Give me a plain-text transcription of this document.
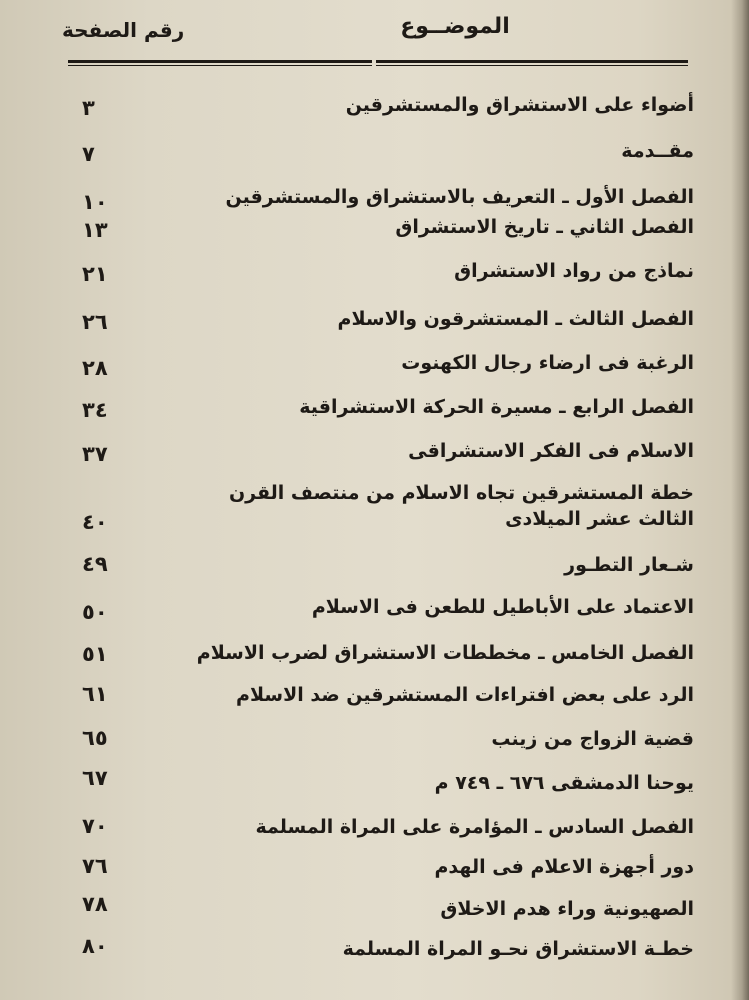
الموضــوع
رقم الصفحة
أضواء على الاستشراق والمستشرقين
٣
مقــدمة
٧
الفصل الأول ـ التعريف بالاستشراق والمستشرقين
١٠
الفصل الثاني ـ تاريخ الاستشراق
١٣
نماذج من رواد الاستشراق
٢١
الفصل الثالث ـ المستشرقون والاسلام
٢٦
الرغبة فى ارضاء رجال الكهنوت
٢٨
الفصل الرابع ـ مسيرة الحركة الاستشراقية
٣٤
الاسلام فى الفكر الاستشراقى
٣٧
خطة المستشرقين تجاه الاسلام من منتصف القرن الثالث عشر الميلادى
٤٠
شـعار التطـور
٤٩
الاعتماد على الأباطيل للطعن فى الاسلام
٥٠
الفصل الخامس ـ مخططات الاستشراق لضرب الاسلام
٥١
الرد على بعض افتراءات المستشرقين ضد الاسلام
٦١
قضية الزواج من زينب
٦٥
يوحنا الدمشقى ٦٧٦ ـ ٧٤٩ م
٦٧
الفصل السادس ـ المؤامرة على المراة المسلمة
٧٠
دور أجهزة الاعلام فى الهدم
٧٦
الصهيونية وراء هدم الاخلاق
٧٨
خطـة الاستشراق نحـو المراة المسلمة
٨٠
